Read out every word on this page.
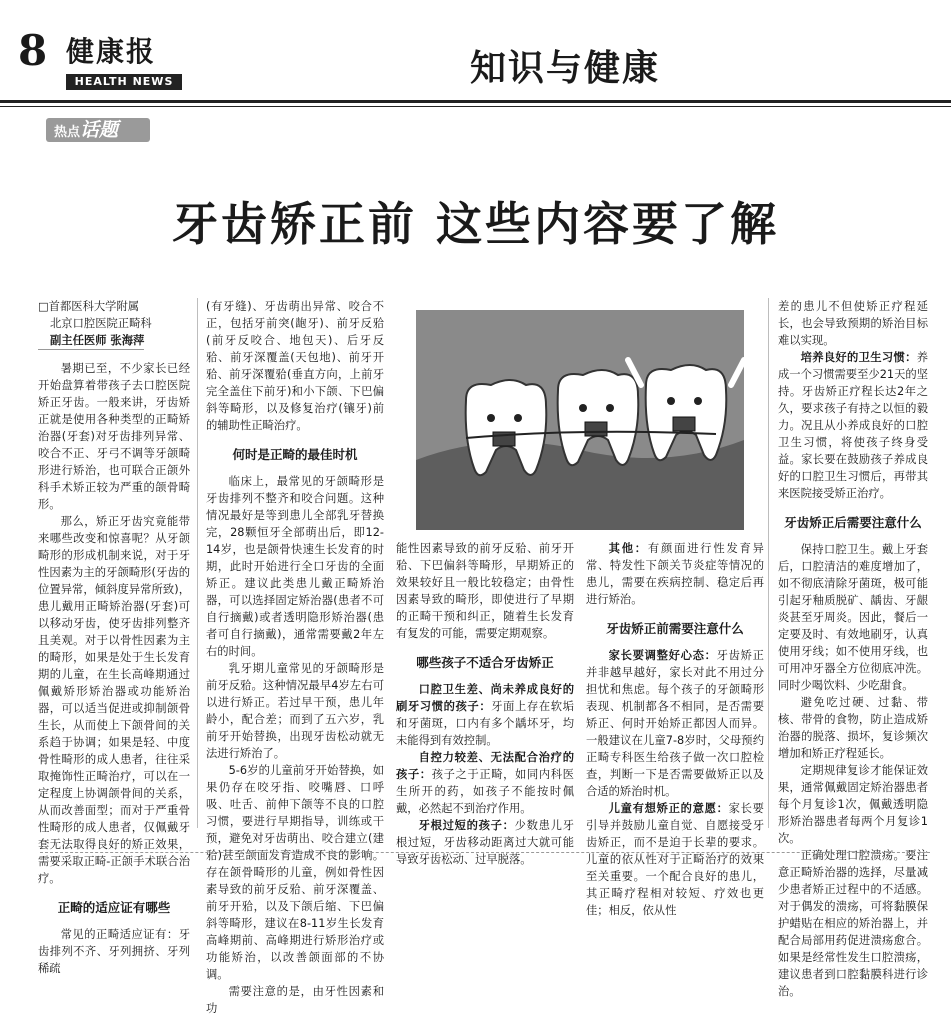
8 健康报
HEALTH NEWS	知识与健康
热点话题
牙齿矫正前 这些内容要了解
□首都医科大学附属
北京口腔医院正畸科
副主任医师 张海萍

暑期已至，不少家长已经开始盘算着带孩子去口腔医院矫正牙齿。一般来讲，牙齿矫正就是使用各种类型的正畸矫治器(牙套)对牙齿排列异常、咬合不正、牙弓不调等牙颌畸形进行矫治，也可联合正颌外科手术矫正较为严重的颌骨畸形。

那么，矫正牙齿究竟能带来哪些改变和惊喜呢？从牙颌畸形的形成机制来说，对于牙性因素为主的牙颌畸形(牙齿的位置异常，倾斜度异常所致)，患儿戴用正畸矫治器(牙套)可以移动牙齿，使牙齿排列整齐且美观。对于以骨性因素为主的畸形，如果是处于生长发育期的儿童，在生长高峰期通过佩戴矫形矫治器或功能矫治器，可以适当促进或抑制颌骨生长，从而使上下颌骨间的关系趋于协调；如果是轻、中度骨性畸形的成人患者，往往采取掩饰性正畸治疗，可以在一定程度上协调颌骨间的关系，从而改善面型；而对于严重骨性畸形的成人患者，仅佩戴牙套无法取得良好的矫正效果，需要采取正畸-正颌手术联合治疗。

正畸的适应证有哪些

常见的正畸适应证有：牙齿排列不齐、牙列拥挤、牙列稀疏

(有牙缝)、牙齿萌出异常、咬合不正，包括牙前突(龅牙)、前牙反𬌗(前牙反咬合、地包天)、后牙反𬌗、前牙深覆盖(天包地)、前牙开𬌗、前牙深覆𬌗(垂直方向，上前牙完全盖住下前牙)和小下颌、下巴偏斜等畸形，以及修复治疗(镶牙)前的辅助性正畸治疗。

何时是正畸的最佳时机

临床上，最常见的牙颌畸形是牙齿排列不整齐和咬合问题。这种情况最好是等到患儿全部乳牙替换完，28颗恒牙全部萌出后，即12-14岁，也是颌骨快速生长发育的时期，此时开始进行全口牙齿的全面矫正。建议此类患儿戴正畸矫治器，可以选择固定矫治器(患者不可自行摘戴)或者透明隐形矫治器(患者可自行摘戴)，通常需要戴2年左右的时间。

乳牙期儿童常见的牙颌畸形是前牙反𬌗。这种情况最早4岁左右可以进行矫正。若过早干预，患儿年龄小，配合差；而到了五六岁，乳前牙开始替换，出现牙齿松动就无法进行矫治了。

5-6岁的儿童前牙开始替换，如果仍存在咬牙指、咬嘴唇、口呼吸、吐舌、前伸下颌等不良的口腔习惯，要进行早期指导，训练或干预，避免对牙齿萌出、咬合建立(建𬌗)甚至颌面发育造成不良的影响。存在颌骨畸形的儿童，例如骨性因素导致的前牙反𬌗、前牙深覆盖、前牙开𬌗，以及下颌后缩、下巴偏斜等畸形，建议在8-11岁生长发育高峰期前、高峰期进行矫形治疗或功能矫治，以改善颌面部的不协调。

需要注意的是，由牙性因素和功

能性因素导致的前牙反𬌗、前牙开𬌗、下巴偏斜等畸形，早期矫正的效果较好且一般比较稳定；由骨性因素导致的畸形，即使进行了早期的正畸干预和纠正，随着生长发育有复发的可能，需要定期观察。

哪些孩子不适合牙齿矫正

口腔卫生差、尚未养成良好的刷牙习惯的孩子：牙面上存在软垢和牙菌斑，口内有多个龋坏牙，均未能得到有效控制。

自控力较差、无法配合治疗的孩子：孩子之于正畸，如同内科医生所开的药，如孩子不能按时佩戴，必然起不到治疗作用。

牙根过短的孩子：少数患儿牙根过短，牙齿移动距离过大就可能导致牙齿松动、过早脱落。

其他：有颜面进行性发育异常、特发性下颌关节炎症等情况的患儿，需要在疾病控制、稳定后再进行矫治。

牙齿矫正前需要注意什么

家长要调整好心态：牙齿矫正并非越早越好，家长对此不用过分担忧和焦虑。每个孩子的牙颌畸形表现、机制都各不相同，是否需要矫正、何时开始矫正都因人而异。一般建议在儿童7-8岁时，父母预约正畸专科医生给孩子做一次口腔检查，判断一下是否需要做矫正以及合适的矫治时机。

儿童有想矫正的意愿：家长要引导并鼓励儿童自觉、自愿接受牙齿矫正，而不是迫于长辈的要求。儿童的依从性对于正畸治疗的效果至关重要。一个配合良好的患儿，其正畸疗程相对较短、疗效也更佳；相反，依从性

差的患儿不但使矫正疗程延长，也会导致预期的矫治目标难以实现。

培养良好的卫生习惯：养成一个习惯需要至少21天的坚持。牙齿矫正疗程长达2年之久，要求孩子有持之以恒的毅力。况且从小养成良好的口腔卫生习惯，将使孩子终身受益。家长要在鼓励孩子养成良好的口腔卫生习惯后，再带其来医院接受矫正治疗。

牙齿矫正后需要注意什么

保持口腔卫生。戴上牙套后，口腔清洁的难度增加了，如不彻底清除牙菌斑，极可能引起牙釉质脱矿、龋齿、牙龈炎甚至牙周炎。因此，餐后一定要及时、有效地刷牙，认真使用牙线；如不使用牙线，也可用冲牙器全方位彻底冲洗。同时少喝饮料、少吃甜食。

避免吃过硬、过黏、带核、带骨的食物，防止造成矫治器的脱落、损坏，复诊频次增加和矫正疗程延长。

定期规律复诊才能保证效果，通常佩戴固定矫治器患者每个月复诊1次，佩戴透明隐形矫治器患者每两个月复诊1次。

正确处理口腔溃疡。要注意正畸矫治器的选择，尽量减少患者矫正过程中的不适感。对于偶发的溃疡，可将黏膜保护蜡贴在相应的矫治器上，并配合局部用药促进溃疡愈合。如果是经常性发生口腔溃疡，建议患者到口腔黏膜科进行诊治。
